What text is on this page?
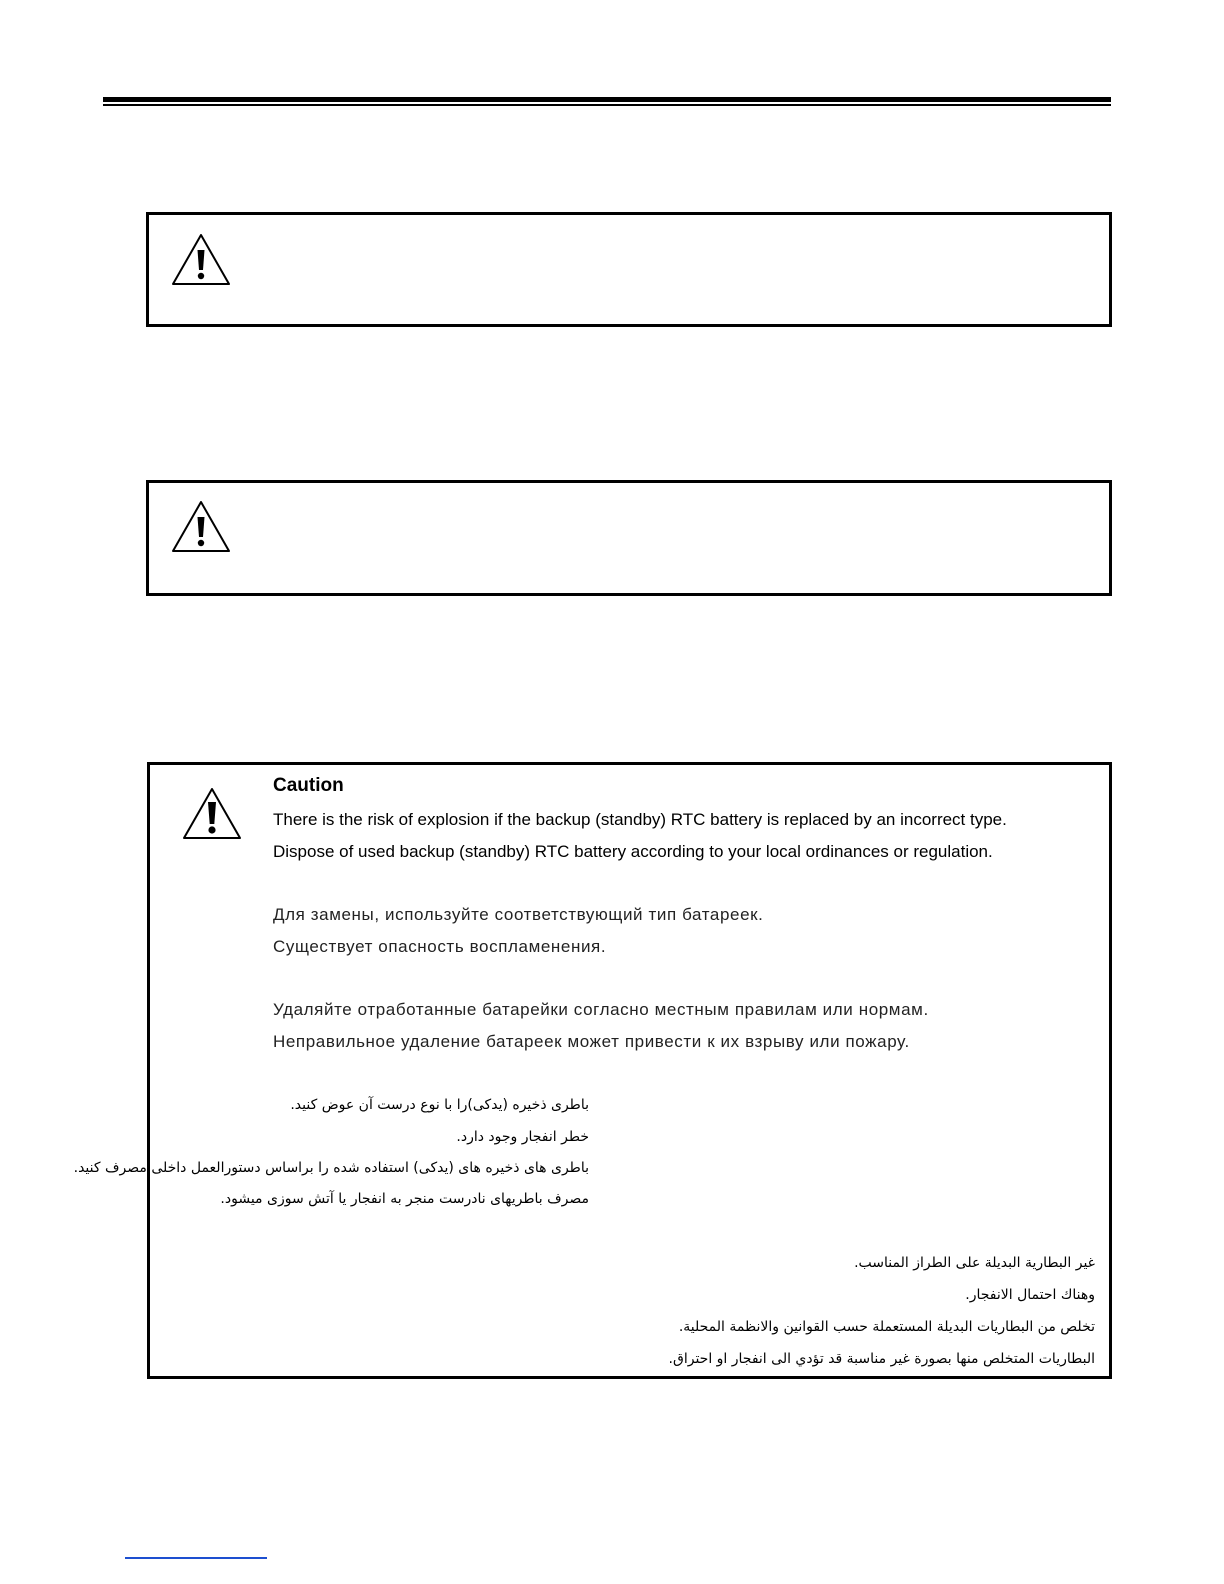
Caution
There is the risk of explosion if the backup (standby) RTC battery is replaced by an incorrect type.
Dispose of used backup (standby) RTC battery according to your local ordinances or regulation.
Для замены, используйте соответствующий тип батареек.
Существует опасность воспламенения.
Удаляйте отработанные батарейки согласно местным правилам или нормам.
Неправильное удаление батареек может привести к их взрыву или пожару.
باطری ذخیره (یدکی)را با نوع درست آن عوض کنید.
خطر انفجار وجود دارد.
باطری های ذخیره های (یدکی) استفاده شده را براساس دستورالعمل داخلی مصرف کنید.
مصرف باطریهای نادرست منجر به انفجار یا آتش سوزی میشود.
غير البطارية البديلة على الطراز المناسب.
وهناك احتمال الانفجار.
تخلص من البطاريات البديلة المستعملة حسب القوانين والانظمة المحلية.
البطاريات المتخلص منها بصورة غير مناسبة قد تؤدي الى انفجار او احتراق.
